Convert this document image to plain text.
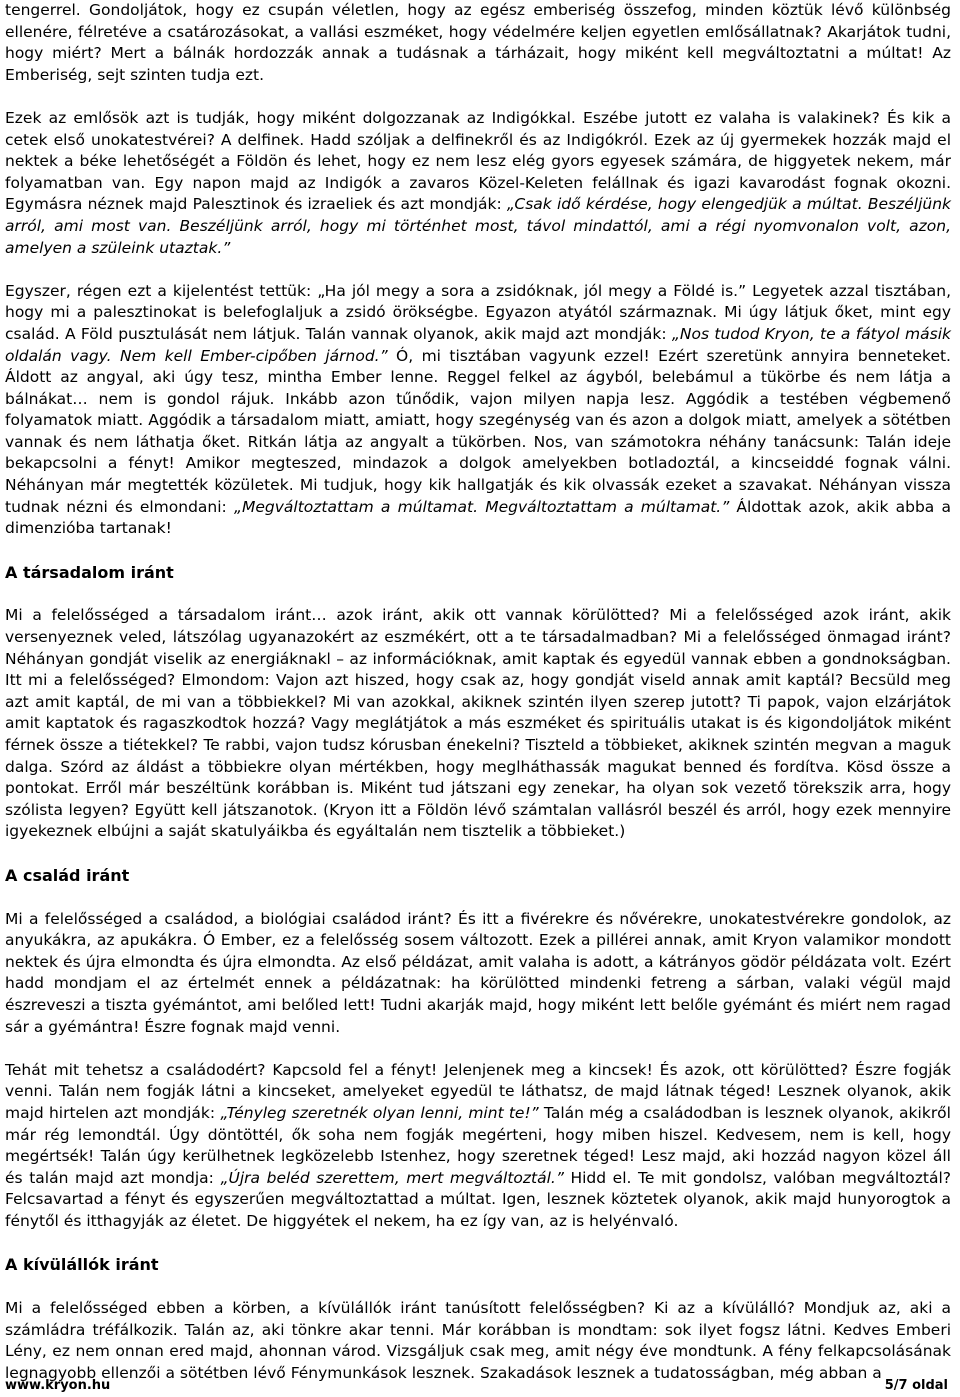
tengerrel. Gondoljátok, hogy ez csupán véletlen, hogy az egész emberiség összefog, minden köztük lévő különbség ellenére, félretéve a csatározásokat, a vallási eszméket, hogy védelmére keljen egyetlen emlősállatnak? Akarjátok tudni, hogy miért? Mert a bálnák hordozzák annak a tudásnak a tárházait, hogy miként kell megváltoztatni a múltat! Az Emberiség, sejt szinten tudja ezt.

Ezek az emlősök azt is tudják, hogy miként dolgozzanak az Indigókkal. Eszébe jutott ez valaha is valakinek? És kik a cetek első unokatestvérei? A delfinek. Hadd szóljak a delfinekről és az Indigókról. Ezek az új gyermekek hozzák majd el nektek a béke lehetőségét a Földön és lehet, hogy ez nem lesz elég gyors egyesek számára, de higgyetek nekem, már folyamatban van. Egy napon majd az Indigók a zavaros Közel-Keleten felállnak és igazi kavarodást fognak okozni. Egymásra néznek majd Palesztinok és izraeliek és azt mondják: „Csak idő kérdése, hogy elengedjük a múltat. Beszéljünk arról, ami most van. Beszéljünk arról, hogy mi történhet most, távol mindattól, ami a régi nyomvonalon volt, azon, amelyen a szüleink utaztak.”

Egyszer, régen ezt a kijelentést tettük: „Ha jól megy a sora a zsidóknak, jól megy a Földé is.” Legyetek azzal tisztában, hogy mi a palesztinokat is belefoglaljuk a zsidó örökségbe. Egyazon atyától származnak. Mi úgy látjuk őket, mint egy család. A Föld pusztulását nem látjuk. Talán vannak olyanok, akik majd azt mondják: „Nos tudod Kryon, te a fátyol másik oldalán vagy. Nem kell Ember-cipőben járnod.” Ó, mi tisztában vagyunk ezzel! Ezért szeretünk annyira benneteket. Áldott az angyal, aki úgy tesz, mintha Ember lenne. Reggel felkel az ágyból, belebámul a tükörbe és nem látja a bálnákat… nem is gondol rájuk. Inkább azon tűnődik, vajon milyen napja lesz. Aggódik a testében végbemenő folyamatok miatt. Aggódik a társadalom miatt, amiatt, hogy szegénység van és azon a dolgok miatt, amelyek a sötétben vannak és nem láthatja őket. Ritkán látja az angyalt a tükörben. Nos, van számotokra néhány tanácsunk: Talán ideje bekapcsolni a fényt! Amikor megteszed, mindazok a dolgok amelyekben botladoztál, a kincseiddé fognak válni. Néhányan már megtették közületek. Mi tudjuk, hogy kik hallgatják és kik olvassák ezeket a szavakat. Néhányan vissza tudnak nézni és elmondani: „Megváltoztattam a múltamat. Megváltoztattam a múltamat.” Áldottak azok, akik abba a dimenzióba tartanak!

A társadalom iránt

Mi a felelősséged a társadalom iránt… azok iránt, akik ott vannak körülötted? Mi a felelősséged azok iránt, akik versenyeznek veled, látszólag ugyanazokért az eszmékért, ott a te társadalmadban? Mi a felelősséged önmagad iránt? Néhányan gondját viselik az energiáknakl – az információknak, amit kaptak és egyedül vannak ebben a gondnokságban. Itt mi a felelősséged? Elmondom: Vajon azt hiszed, hogy csak az, hogy gondját viseld annak amit kaptál? Becsüld meg azt amit kaptál, de mi van a többiekkel? Mi van azokkal, akiknek szintén ilyen szerep jutott? Ti papok, vajon elzárjátok amit kaptatok és ragaszkodtok hozzá? Vagy meglátjátok a más eszméket és spirituális utakat is és kigondoljátok miként férnek össze a tiétekkel? Te rabbi, vajon tudsz kórusban énekelni? Tiszteld a többieket, akiknek szintén megvan a maguk dalga. Szórd az áldást a többiekre olyan mértékben, hogy meglháthassák magukat benned és fordítva. Kösd össze a pontokat. Erről már beszéltünk korábban is. Miként tud játszani egy zenekar, ha olyan sok vezető törekszik arra, hogy szólista legyen? Együtt kell játszanotok. (Kryon itt a Földön lévő számtalan vallásról beszél és arról, hogy ezek mennyire igyekeznek elbújni a saját skatulyáikba és egyáltalán nem tisztelik a többieket.)

A család iránt

Mi a felelősséged a családod, a biológiai családod iránt? És itt a fivérekre és nővérekre, unokatestvérekre gondolok, az anyukákra, az apukákra. Ó Ember, ez a felelősség sosem változott. Ezek a pillérei annak, amit Kryon valamikor mondott nektek és újra elmondta és újra elmondta. Az első példázat, amit valaha is adott, a kátrányos gödör példázata volt. Ezért hadd mondjam el az értelmét ennek a példázatnak: ha körülötted mindenki fetreng a sárban, valaki végül majd észreveszi a tiszta gyémántot, ami belőled lett! Tudni akarják majd, hogy miként lett belőle gyémánt és miért nem ragad sár a gyémántra! Észre fognak majd venni.

Tehát mit tehetsz a családodért? Kapcsold fel a fényt! Jelenjenek meg a kincsek! És azok, ott körülötted? Észre fogják venni. Talán nem fogják látni a kincseket, amelyeket egyedül te láthatsz, de majd látnak téged! Lesznek olyanok, akik majd hirtelen azt mondják: „Tényleg szeretnék olyan lenni, mint te!” Talán még a családodban is lesznek olyanok, akikről már rég lemondtál. Úgy döntöttél, ők soha nem fogják megérteni, hogy miben hiszel. Kedvesem, nem is kell, hogy megértsék! Talán úgy kerülhetnek legközelebb Istenhez, hogy szeretnek téged! Lesz majd, aki hozzád nagyon közel áll és talán majd azt mondja: „Újra beléd szerettem, mert megváltoztál.” Hidd el. Te mit gondolsz, valóban megváltoztál? Felcsavartad a fényt és egyszerűen megváltoztattad a múltat. Igen, lesznek köztetek olyanok, akik majd hunyorogtok a fénytől és itthagyják az életet. De higgyétek el nekem, ha ez így van, az is helyénvaló.

A kívülállók iránt

Mi a felelősséged ebben a körben, a kívülállók iránt tanúsított felelősségben? Ki az a kívülálló? Mondjuk az, aki a számládra tréfálkozik. Talán az, aki tönkre akar tenni. Már korábban is mondtam: sok ilyet fogsz látni. Kedves Emberi Lény, ez nem onnan ered majd, ahonnan várod. Vizsgáljuk csak meg, amit négy éve mondtunk. A fény felkapcsolásának legnagyobb ellenzői a sötétben lévő Fénymunkások lesznek. Szakadások lesznek a tudatosságban, még abban a

www.kryon.hu	5/7 oldal
